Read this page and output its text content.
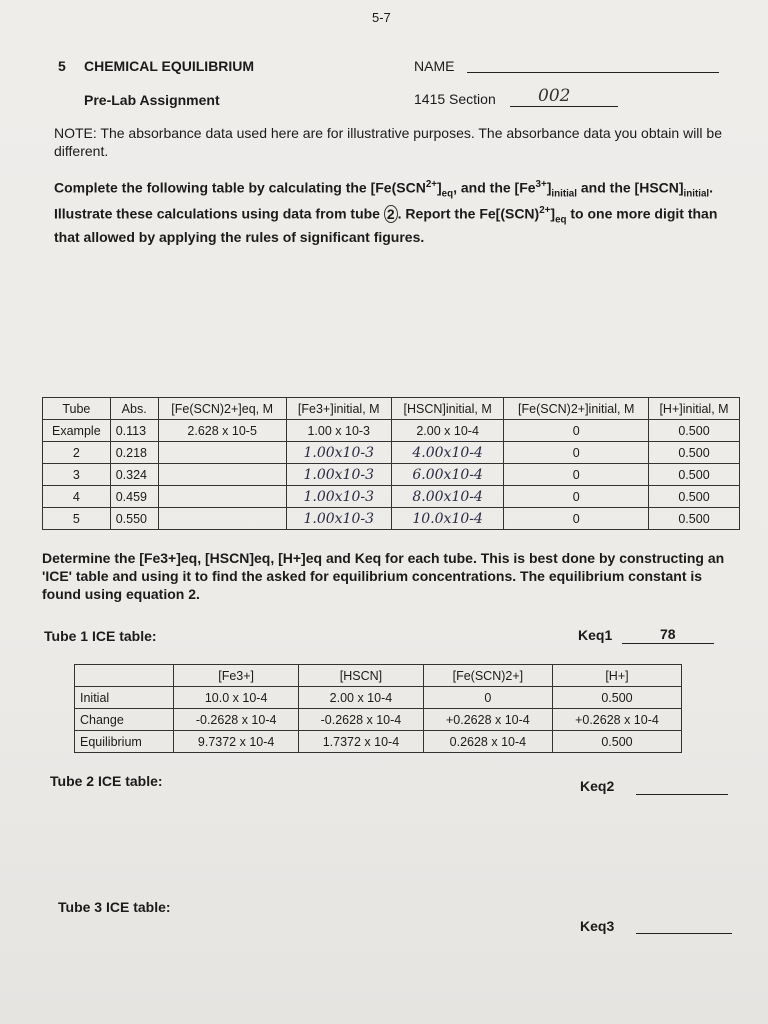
5-7
5 CHEMICAL EQUILIBRIUM	NAME
Pre-Lab Assignment	1415 Section 002
NOTE: The absorbance data used here are for illustrative purposes. The absorbance data you obtain will be different.
Complete the following table by calculating the [$Fe(SCN^{2+}]_{eq}$, and the $[Fe^{3+}]_{initial}$ and the $[HSCN]_{initial}$. Illustrate these calculations using data from tube 2 . Report the $Fe[(SCN)^{2+}]_{eq}$ to one more digit than that allowed by applying the rules of significant figures.
Tube	Abs.	[Fe(SCN)2+]eq, M	[Fe3+]initial, M	[HSCN]initial, M	[Fe(SCN)2+]initial, M	[H+]initial, M
Example	0.113	2.628 x 10-5	1.00 x 10-3	2.00 x 10-4	0	0.500
2	0.218		1.00x10-3	4.00x10-4	0	0.500
3	0.324		1.00x10-3	6.00x10-4	0	0.500
4	0.459		1.00x10-3	8.00x10-4	0	0.500
5	0.550		1.00x10-3	10.0x10-4	0	0.500
Determine the [Fe3+]eq, [HSCN]eq, [H+]eq and Keq for each tube. This is best done by constructing an 'ICE' table and using it to find the asked for equilibrium concentrations. The equilibrium constant is found using equation 2.
Tube 1 ICE table:	Keq1	78
	[Fe3+]	[HSCN]	[Fe(SCN)2+]	[H+]
Initial	10.0 x 10-4	2.00 x 10-4	0	0.500
Change	-0.2628 x 10-4	-0.2628 x 10-4	+0.2628 x 10-4	+0.2628 x 10-4
Equilibrium	9.7372 x 10-4	1.7372 x 10-4	0.2628 x 10-4	0.500
Tube 2 ICE table:	Keq2
Tube 3 ICE table:
Keq3
